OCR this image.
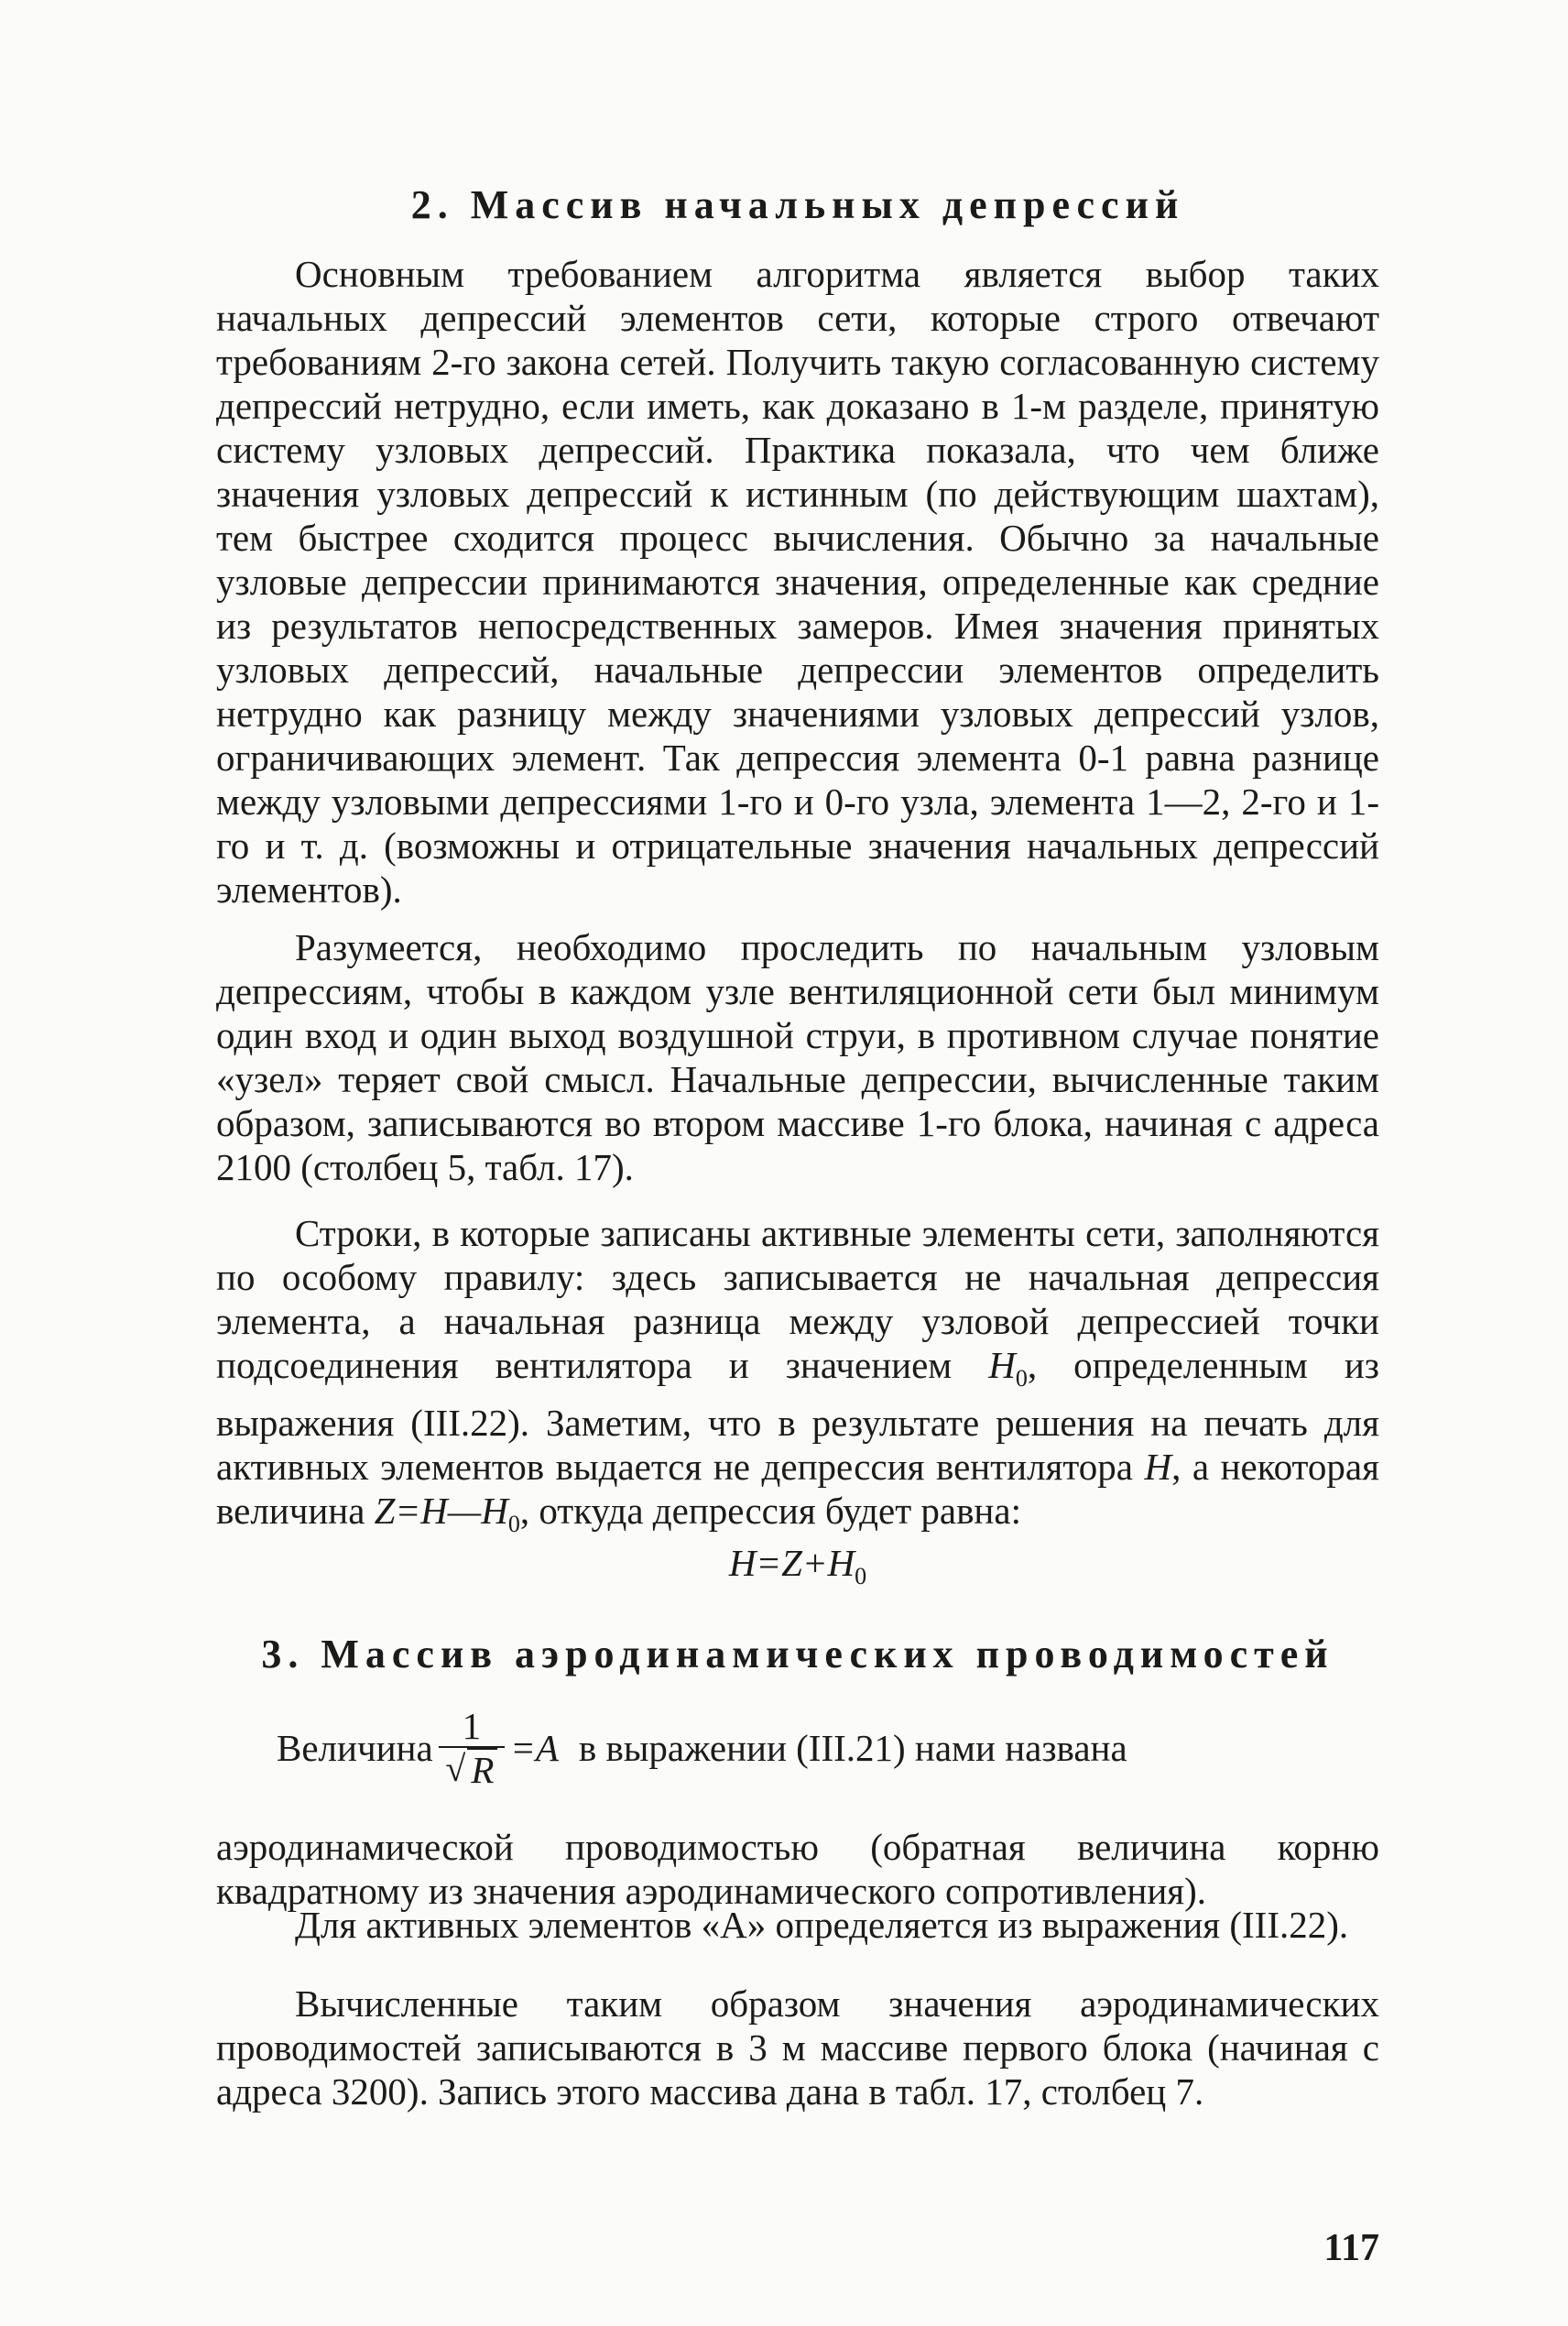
2. Массив начальных депрессий

Основным требованием алгоритма является выбор таких начальных депрессий элементов сети, которые строго отвечают требованиям 2-го закона сетей. Получить такую согласованную систему депрессий нетрудно, если иметь, как доказано в 1-м разделе, принятую систему узловых депрессий. Практика показала, что чем ближе значения узловых депрессий к истинным (по действующим шахтам), тем быстрее сходится процесс вычисления. Обычно за начальные узловые депрессии принимаются значения, определенные как средние из результатов непосредственных замеров. Имея значения принятых узловых депрессий, начальные депрессии элементов определить нетрудно как разницу между значениями узловых депрессий узлов, ограничивающих элемент. Так депрессия элемента 0-1 равна разнице между узловыми депрессиями 1-го и 0-го узла, элемента 1—2, 2-го и 1-го и т. д. (возможны и отрицательные значения начальных депрессий элементов).

Разумеется, необходимо проследить по начальным узловым депрессиям, чтобы в каждом узле вентиляционной сети был минимум один вход и один выход воздушной струи, в противном случае понятие «узел» теряет свой смысл. Начальные депрессии, вычисленные таким образом, записываются во втором массиве 1-го блока, начиная с адреса 2100 (столбец 5, табл. 17).

Строки, в которые записаны активные элементы сети, заполняются по особому правилу: здесь записывается не начальная депрессия элемента, а начальная разница между узловой депрессией точки подсоединения вентилятора и значением $H_0$, определенным из выражения (III.22). Заметим, что в результате решения на печать для активных элементов выдается не депрессия вентилятора H, а некоторая величина $Z=H—H_0$, откуда депрессия будет равна:

$H=Z+H_0$
3. Массив аэродинамических проводимостей
Величина $\frac{1}{√ R} =A$ в выражении (III.21) нами названа

аэродинамической проводимостью (обратная величина корню квадратному из значения аэродинамического сопротивления).

Для активных элементов «А» определяется из выражения (III.22).

Вычисленные таким образом значения аэродинамических проводимостей записываются в 3 м массиве первого блока (начиная с адреса 3200). Запись этого массива дана в табл. 17, столбец 7.

117
